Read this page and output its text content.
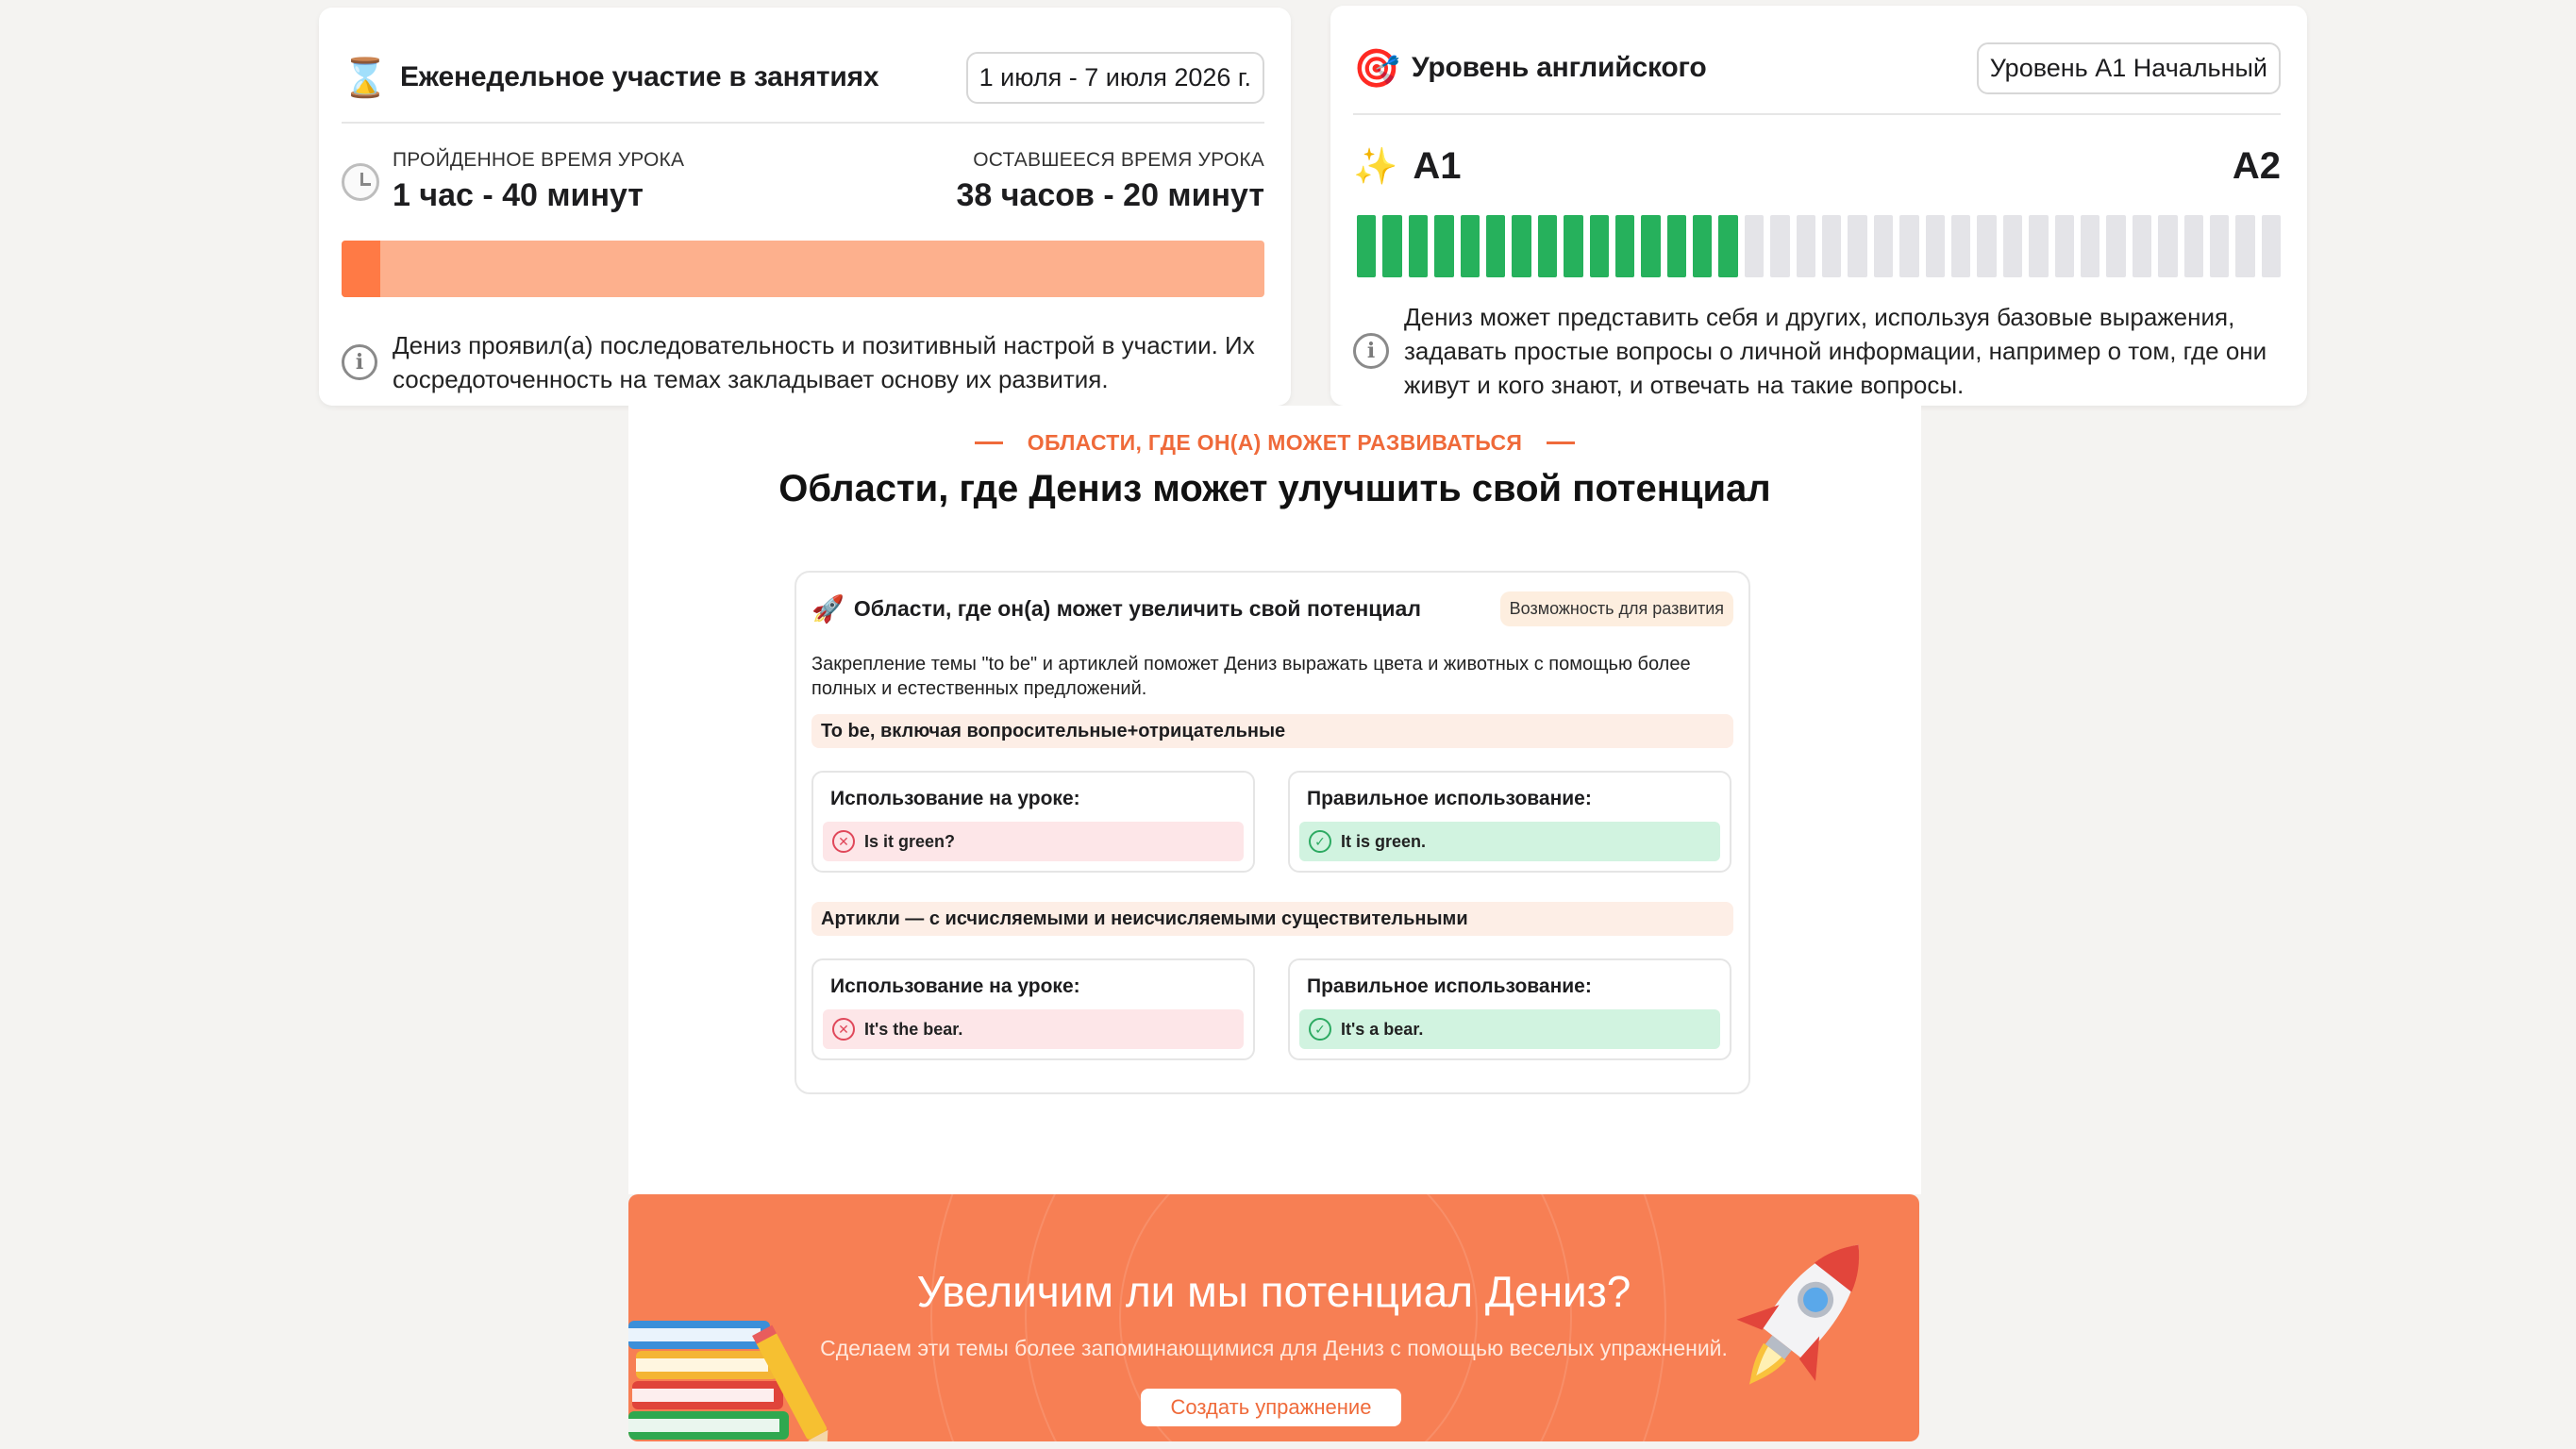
⌛ Еженедельное участие в занятиях	1 июля - 7 июля 2026 г.
ПРОЙДЕННОЕ ВРЕМЯ УРОКА
1 час - 40 минут
ОСТАВШЕЕСЯ ВРЕМЯ УРОКА
38 часов - 20 минут
i
Дениз проявил(а) последовательность и позитивный настрой в участии. Их сосредоточенность на темах закладывает основу их развития.
🎯 Уровень английского	Уровень A1 Начальный
✨ A1	A2
i
Дениз может представить себя и других, используя базовые выражения, задавать простые вопросы о личной информации, например о том, где они живут и кого знают, и отвечать на такие вопросы.
ОБЛАСТИ, ГДЕ ОН(А) МОЖЕТ РАЗВИВАТЬСЯ
Области, где Дениз может улучшить свой потенциал
🚀 Области, где он(а) может увеличить свой потенциал	Возможность для развития
Закрепление темы "to be" и артиклей поможет Дениз выражать цвета и животных с помощью более полных и естественных предложений.
To be, включая вопросительные+отрицательные
Использование на уроке:
✕ Is it green?
Правильное использование:
✓ It is green.
Артикли — с исчисляемыми и неисчисляемыми существительными
Использование на уроке:
✕ It's the bear.
Правильное использование:
✓ It's a bear.
Увеличим ли мы потенциал Дениз?
Сделаем эти темы более запоминающимися для Дениз с помощью веселых упражнений.
Создать упражнение
